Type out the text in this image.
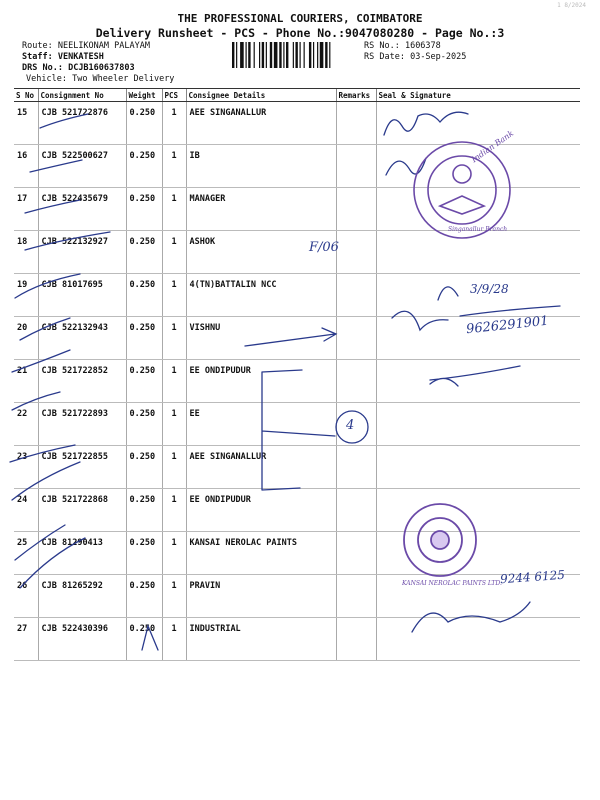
1 8/2024
THE PROFESSIONAL COURIERS, COIMBATORE
Delivery Runsheet - PCS - Phone No.:9047080280 - Page No.:3
Route: NEELIKONAM PALAYAM
Staff: VENKATESH
DRS No.: DCJB160637803
Vehicle: Two Wheeler Delivery
RS No.: 1606378
RS Date: 03-Sep-2025
S No	Consignment No	Weight	PCS	Consignee Details	Remarks	Seal & Signature
15	CJB 521722876	0.250	1	AEE SINGANALLUR		
16	CJB 522500627	0.250	1	IB		
17	CJB 522435679	0.250	1	MANAGER		
18	CJB 522132927	0.250	1	ASHOK		
19	CJB 81017695	0.250	1	4(TN)BATTALIN NCC		
20	CJB 522132943	0.250	1	VISHNU		
21	CJB 521722852	0.250	1	EE ONDIPUDUR		
22	CJB 521722893	0.250	1	EE		
23	CJB 521722855	0.250	1	AEE SINGANALLUR		
24	CJB 521722868	0.250	1	EE ONDIPUDUR		
25	CJB 81290413	0.250	1	KANSAI NEROLAC PAINTS		
26	CJB 81265292	0.250	1	PRAVIN		
27	CJB 522430396	0.250	1	INDUSTRIAL		
F/06
3/9/28
9626291901
4
9244 6125
Indian Bank
Singanallur Branch
KANSAI NEROLAC PAINTS LTD.
